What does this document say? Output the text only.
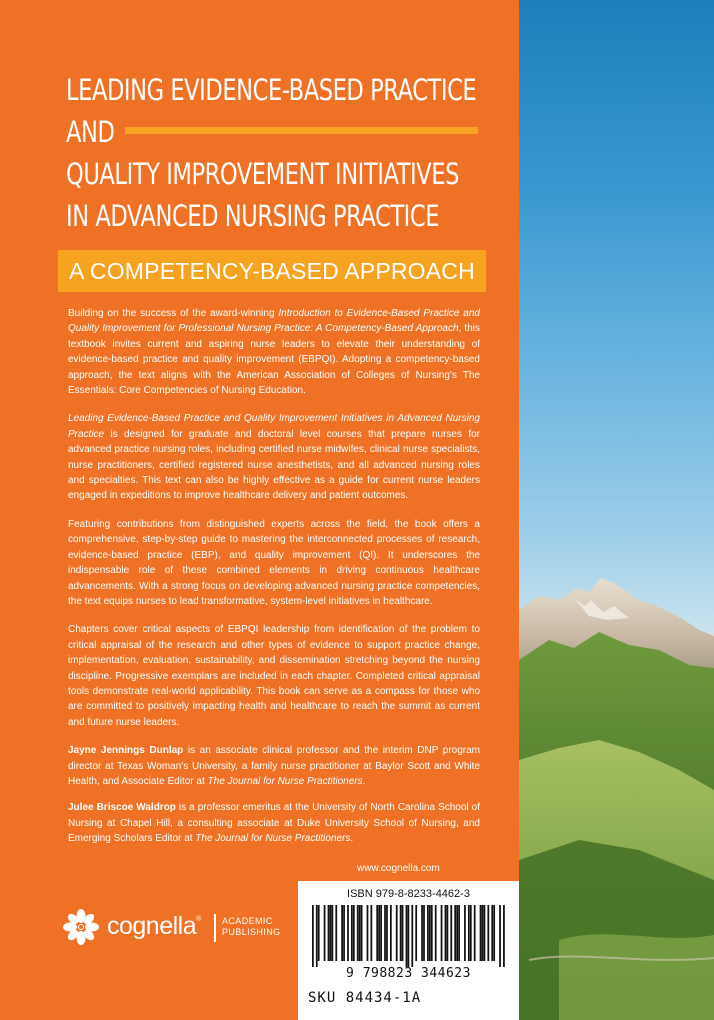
LEADING EVIDENCE-BASED PRACTICE
AND
QUALITY IMPROVEMENT INITIATIVES
IN ADVANCED NURSING PRACTICE
A COMPETENCY-BASED APPROACH

Building on the success of the award-winning Introduction to Evidence-Based Practice and Quality Improvement for Professional Nursing Practice: A Competency-Based Approach, this textbook invites current and aspiring nurse leaders to elevate their understanding of evidence-based practice and quality improvement (EBPQI). Adopting a competency-based approach, the text aligns with the American Association of Colleges of Nursing's The Essentials: Core Competencies of Nursing Education.

Leading Evidence-Based Practice and Quality Improvement Initiatives in Advanced Nursing Practice is designed for graduate and doctoral level courses that prepare nurses for advanced practice nursing roles, including certified nurse midwifes, clinical nurse specialists, nurse practitioners, certified registered nurse anesthetists, and all advanced nursing roles and specialties. This text can also be highly effective as a guide for current nurse leaders engaged in expeditions to improve healthcare delivery and patient outcomes.

Featuring contributions from distinguished experts across the field, the book offers a comprehensive, step-by-step guide to mastering the interconnected processes of research, evidence-based practice (EBP), and quality improvement (QI). It underscores the indispensable role of these combined elements in driving continuous healthcare advancements. With a strong focus on developing advanced nursing practice competencies, the text equips nurses to lead transformative, system-level initiatives in healthcare.

Chapters cover critical aspects of EBPQI leadership from identification of the problem to critical appraisal of the research and other types of evidence to support practice change, implementation, evaluation, sustainability, and dissemination stretching beyond the nursing discipline. Progressive exemplars are included in each chapter. Completed critical appraisal tools demonstrate real-world applicability. This book can serve as a compass for those who are committed to positively impacting health and healthcare to reach the summit as current and future nurse leaders.

Jayne Jennings Dunlap is an associate clinical professor and the interim DNP program director at Texas Woman's University, a family nurse practitioner at Baylor Scott and White Health, and Associate Editor at The Journal for Nurse Practitioners.

Julee Briscoe Waldrop is a professor emeritus at the University of North Carolina School of Nursing at Chapel Hill, a consulting associate at Duke University School of Nursing, and Emerging Scholars Editor at The Journal for Nurse Practitioners.

www.cognella.com
cognella® ACADEMIC
PUBLISHING
ISBN 979-8-8233-4462-3
9 798823 344623
SKU 84434-1A
